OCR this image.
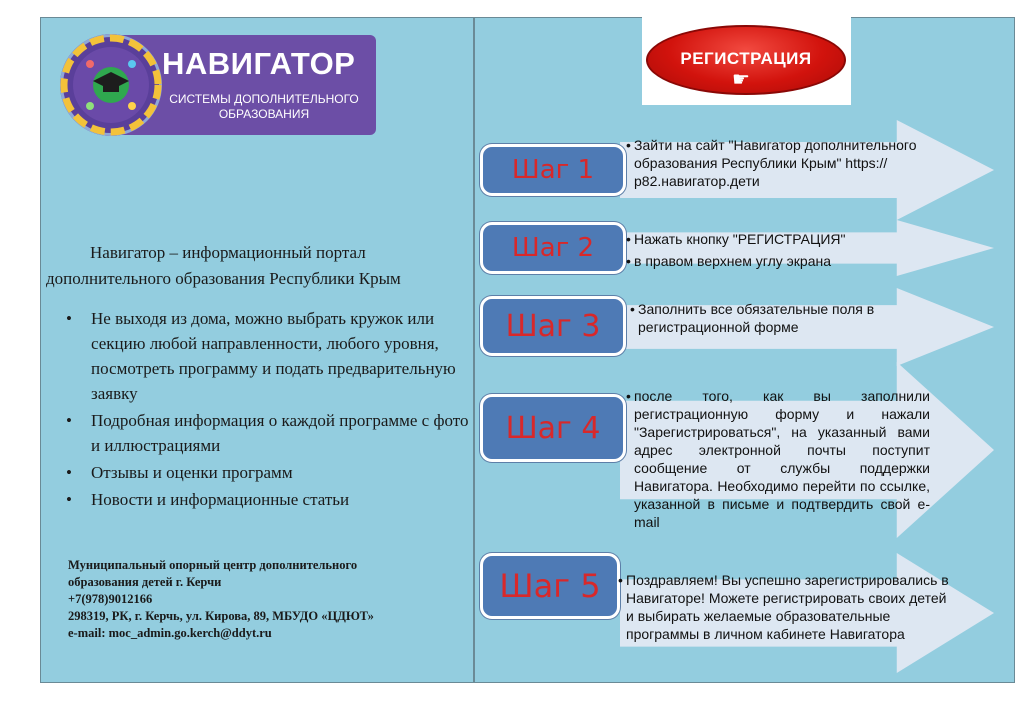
НАВИГАТОР
СИСТЕМЫ ДОПОЛНИТЕЛЬНОГО ОБРАЗОВАНИЯ
Навигатор – информационный портал дополнительного образования Республики Крым
• Не выходя из дома, можно выбрать кружок или секцию любой направленности, любого уровня, посмотреть программу и подать предварительную заявку
• Подробная информация о каждой программе с фото и иллюстрациями
• Отзывы и оценки программ
• Новости и информационные статьи
Муниципальный опорный центр дополнительного
образования детей г. Керчи
+7(978)9012166
298319, РК, г. Керчь, ул. Кирова, 89, МБУДО «ЦДЮТ»
e-mail: moc_admin.go.kerch@ddyt.ru
РЕГИСТРАЦИЯ
☛
Шаг 1
• Зайти на сайт "Навигатор дополнительного образования Республики Крым" https://р82.навигатор.дети
Шаг 2	• Нажать кнопку "РЕГИСТРАЦИЯ"
• в правом верхнем углу экрана
Шаг 3	• Заполнить все обязательные поля в регистрационной форме
Шаг 4
• после того, как вы заполнили регистрационную форму и нажали "Зарегистрироваться", на указанный вами адрес электронной почты поступит сообщение от службы поддержки Навигатора. Необходимо перейти по ссылке, указанной в письме и подтвердить свой e-mail
Шаг 5	• Поздравляем! Вы успешно зарегистрировались в Навигаторе! Можете регистрировать своих детей и выбирать желаемые образовательные программы в личном кабинете Навигатора
